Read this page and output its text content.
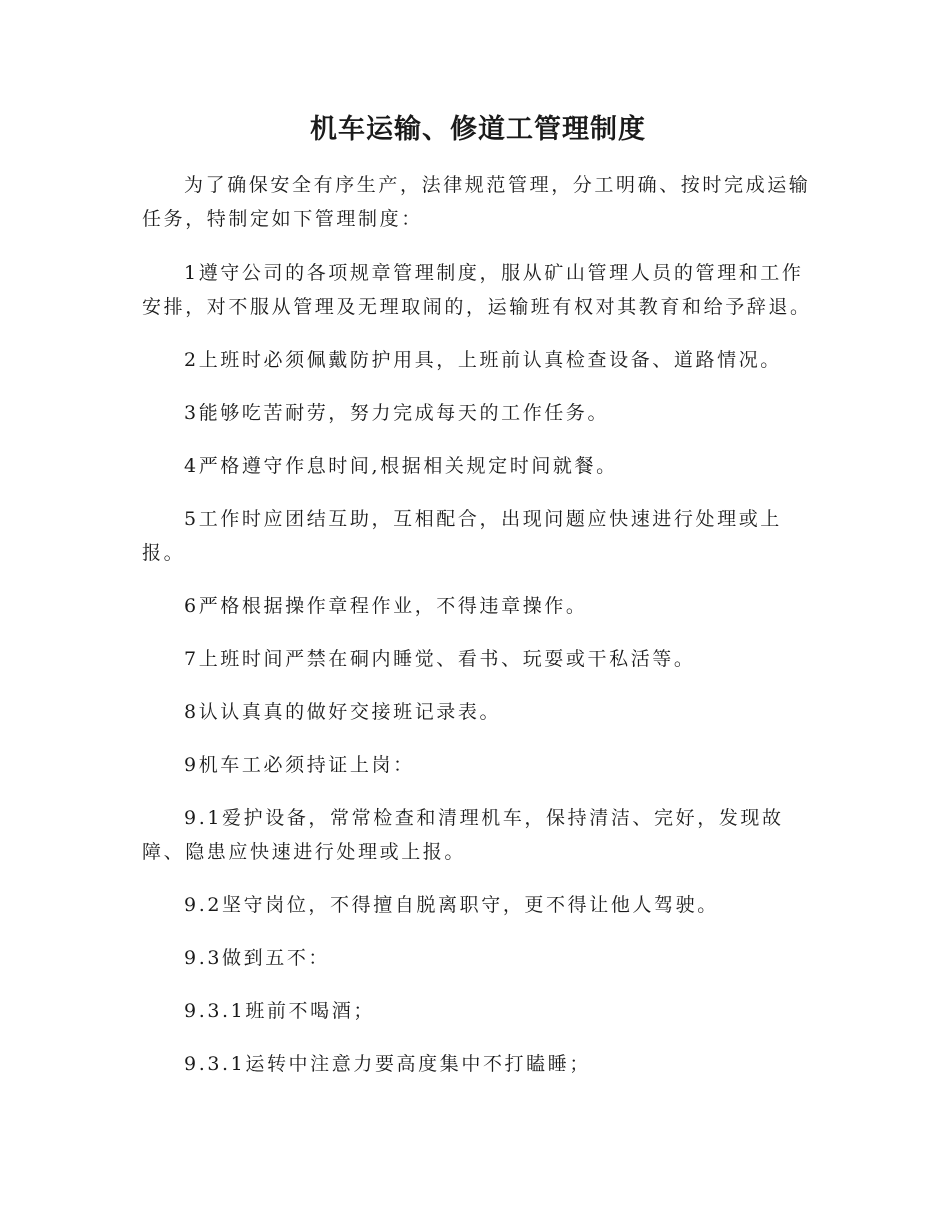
机车运输、修道工管理制度

为了确保安全有序生产，法律规范管理，分工明确、按时完成运输任务，特制定如下管理制度：

1遵守公司的各项规章管理制度，服从矿山管理人员的管理和工作安排，对不服从管理及无理取闹的，运输班有权对其教育和给予辞退。

2上班时必须佩戴防护用具，上班前认真检查设备、道路情况。

3能够吃苦耐劳，努力完成每天的工作任务。

4严格遵守作息时间,根据相关规定时间就餐。

5工作时应团结互助，互相配合，出现问题应快速进行处理或上报。

6严格根据操作章程作业，不得违章操作。

7上班时间严禁在硐内睡觉、看书、玩耍或干私活等。

8认认真真的做好交接班记录表。

9机车工必须持证上岗：

9.1爱护设备，常常检查和清理机车，保持清洁、完好，发现故障、隐患应快速进行处理或上报。

9.2坚守岗位，不得擅自脱离职守，更不得让他人驾驶。

9.3做到五不：

9.3.1班前不喝酒；

9.3.1运转中注意力要高度集中不打瞌睡；
